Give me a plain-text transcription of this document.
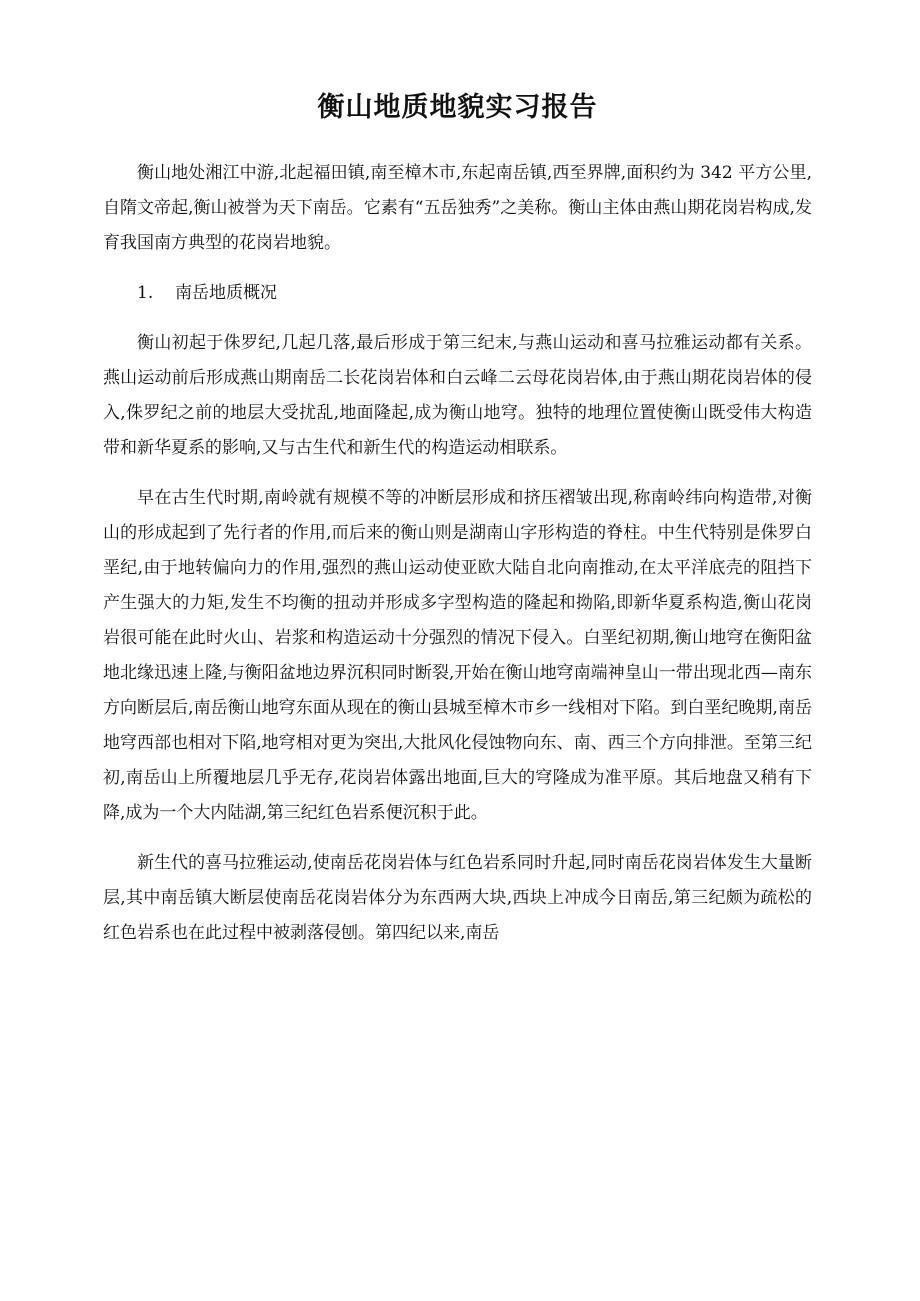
衡山地质地貌实习报告

衡山地处湘江中游,北起福田镇,南至樟木市,东起南岳镇,西至界牌,面积约为 342 平方公里,自隋文帝起,衡山被誉为天下南岳。它素有“五岳独秀”之美称。衡山主体由燕山期花岗岩构成,发育我国南方典型的花岗岩地貌。

1. 南岳地质概况

衡山初起于侏罗纪,几起几落,最后形成于第三纪末,与燕山运动和喜马拉雅运动都有关系。燕山运动前后形成燕山期南岳二长花岗岩体和白云峰二云母花岗岩体,由于燕山期花岗岩体的侵入,侏罗纪之前的地层大受扰乱,地面隆起,成为衡山地穹。独特的地理位置使衡山既受伟大构造带和新华夏系的影响,又与古生代和新生代的构造运动相联系。

早在古生代时期,南岭就有规模不等的冲断层形成和挤压褶皱出现,称南岭纬向构造带,对衡山的形成起到了先行者的作用,而后来的衡山则是湖南山字形构造的脊柱。中生代特别是侏罗白垩纪,由于地转偏向力的作用,强烈的燕山运动使亚欧大陆自北向南推动,在太平洋底壳的阻挡下产生强大的力矩,发生不均衡的扭动并形成多字型构造的隆起和拗陷,即新华夏系构造,衡山花岗岩很可能在此时火山、岩浆和构造运动十分强烈的情况下侵入。白垩纪初期,衡山地穹在衡阳盆地北缘迅速上隆,与衡阳盆地边界沉积同时断裂,开始在衡山地穹南端神皇山一带出现北西—南东方向断层后,南岳衡山地穹东面从现在的衡山县城至樟木市乡一线相对下陷。到白垩纪晚期,南岳地穹西部也相对下陷,地穹相对更为突出,大批风化侵蚀物向东、南、西三个方向排泄。至第三纪初,南岳山上所覆地层几乎无存,花岗岩体露出地面,巨大的穹隆成为准平原。其后地盘又稍有下降,成为一个大内陆湖,第三纪红色岩系便沉积于此。

新生代的喜马拉雅运动,使南岳花岗岩体与红色岩系同时升起,同时南岳花岗岩体发生大量断层,其中南岳镇大断层使南岳花岗岩体分为东西两大块,西块上冲成今日南岳,第三纪颇为疏松的红色岩系也在此过程中被剥落侵刨。第四纪以来,南岳
